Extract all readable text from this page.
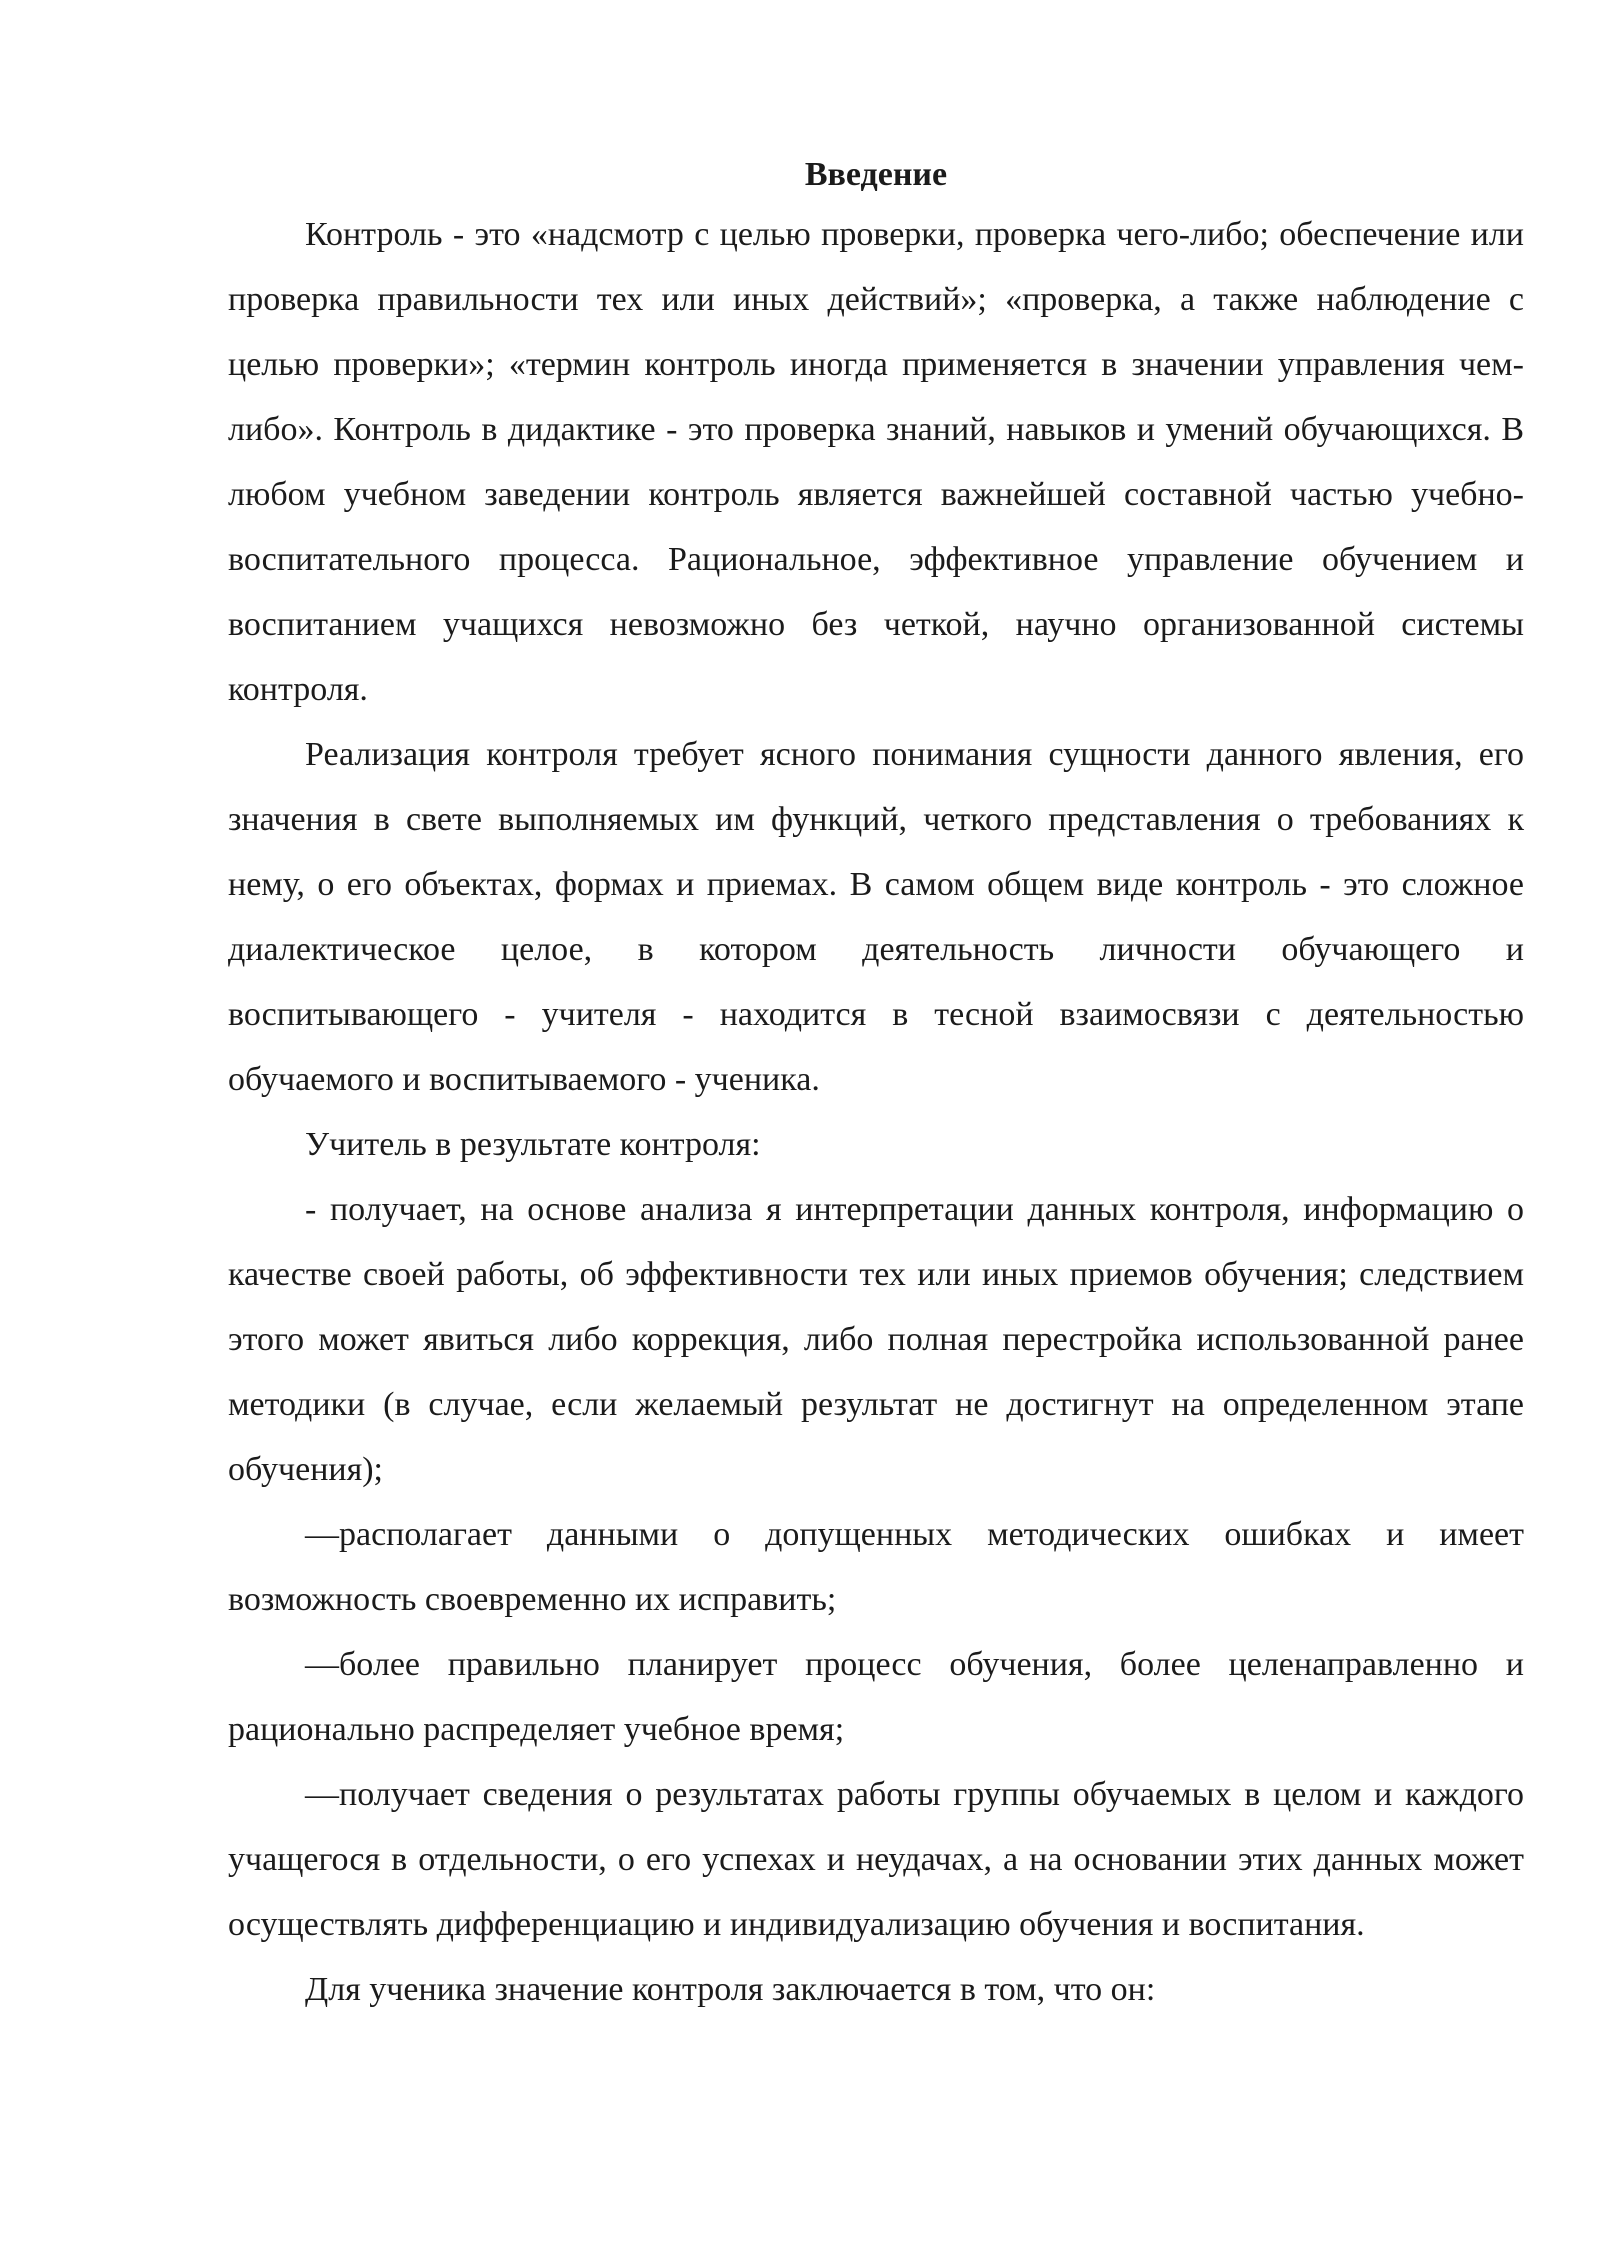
Введение

Контроль - это «надсмотр с целью проверки, проверка чего-либо; обеспечение или проверка правильности тех или иных действий»; «проверка, а также наблюдение с целью проверки»; «термин контроль иногда применяется в значении управления чем-либо». Контроль в дидактике - это проверка знаний, навыков и умений обучающихся. В любом учебном заведении контроль является важнейшей составной частью учебно-воспитательного процесса. Рациональное, эффективное управление обучением и воспитанием учащихся невозможно без четкой, научно организованной системы контроля.

Реализация контроля требует ясного понимания сущности данного явления, его значения в свете выполняемых им функций, четкого представления о требованиях к нему, о его объектах, формах и приемах. В самом общем виде контроль - это сложное диалектическое целое, в котором деятельность личности обучающего и воспитывающего - учителя - находится в тесной взаимосвязи с деятельностью обучаемого и воспитываемого - ученика.

Учитель в результате контроля:

- получает, на основе анализа я интерпретации данных контроля, информацию о качестве своей работы, об эффективности тех или иных приемов обучения; следствием этого может явиться либо коррекция, либо полная перестройка использованной ранее методики (в случае, если желаемый результат не достигнут на определенном этапе обучения);

—располагает данными о допущенных методических ошибках и имеет возможность своевременно их исправить;

—более правильно планирует процесс обучения, более целенаправленно и рационально распределяет учебное время;

—получает сведения о результатах работы группы обучаемых в целом и каждого учащегося в отдельности, о его успехах и неудачах, а на основании этих данных может осуществлять дифференциацию и индивидуализацию обучения и воспитания.

Для ученика значение контроля заключается в том, что он:
